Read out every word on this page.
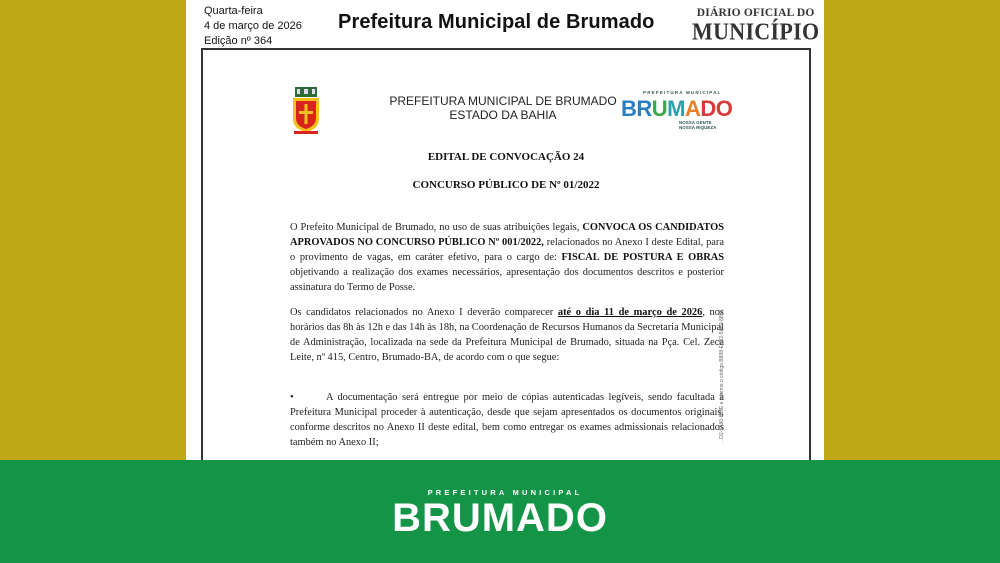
Quarta-feira
4 de março de 2026
Edição nº 364
Prefeitura Municipal de Brumado	DIÁRIO OFICIAL DO
MUNICÍPIO
PREFEITURA MUNICIPAL DE BRUMADO
ESTADO DA BAHIA
PREFEITURA MUNICIPAL
BRUMADO
NOSSA GENTE
NOSSA RIQUEZA
EDITAL DE CONVOCAÇÃO 24
CONCURSO PÚBLICO DE Nº 01/2022
O Prefeito Municipal de Brumado, no uso de suas atribuições legais, CONVOCA OS CANDIDATOS APROVADOS NO CONCURSO PÚBLICO Nº 001/2022, relacionados no Anexo I deste Edital, para o provimento de vagas, em caráter efetivo, para o cargo de: FISCAL DE POSTURA E OBRAS objetivando a realização dos exames necessários, apresentação dos documentos descritos e posterior assinatura do Termo de Posse.
Os candidatos relacionados no Anexo I deverão comparecer até o dia 11 de março de 2026, nos horários das 8h às 12h e das 14h às 18h, na Coordenação de Recursos Humanos da Secretaria Municipal de Administração, localizada na sede da Prefeitura Municipal de Brumado, situada na Pça. Cel. Zeca Leite, nº 415, Centro, Brumado-BA, de acordo com o que segue:
•	A documentação será entregue por meio de cópias autenticadas legíveis, sendo facultada à Prefeitura Municipal proceder à autenticação, desde que sejam apresentados os documentos originais, conforme descritos no Anexo II deste edital, bem como entregar os exames admissionais relacionados também no Anexo II;	...D2-5A80-888E e informe o código B898-E2D2-5A80-888E
PREFEITURA MUNICIPAL
BRUMADO
